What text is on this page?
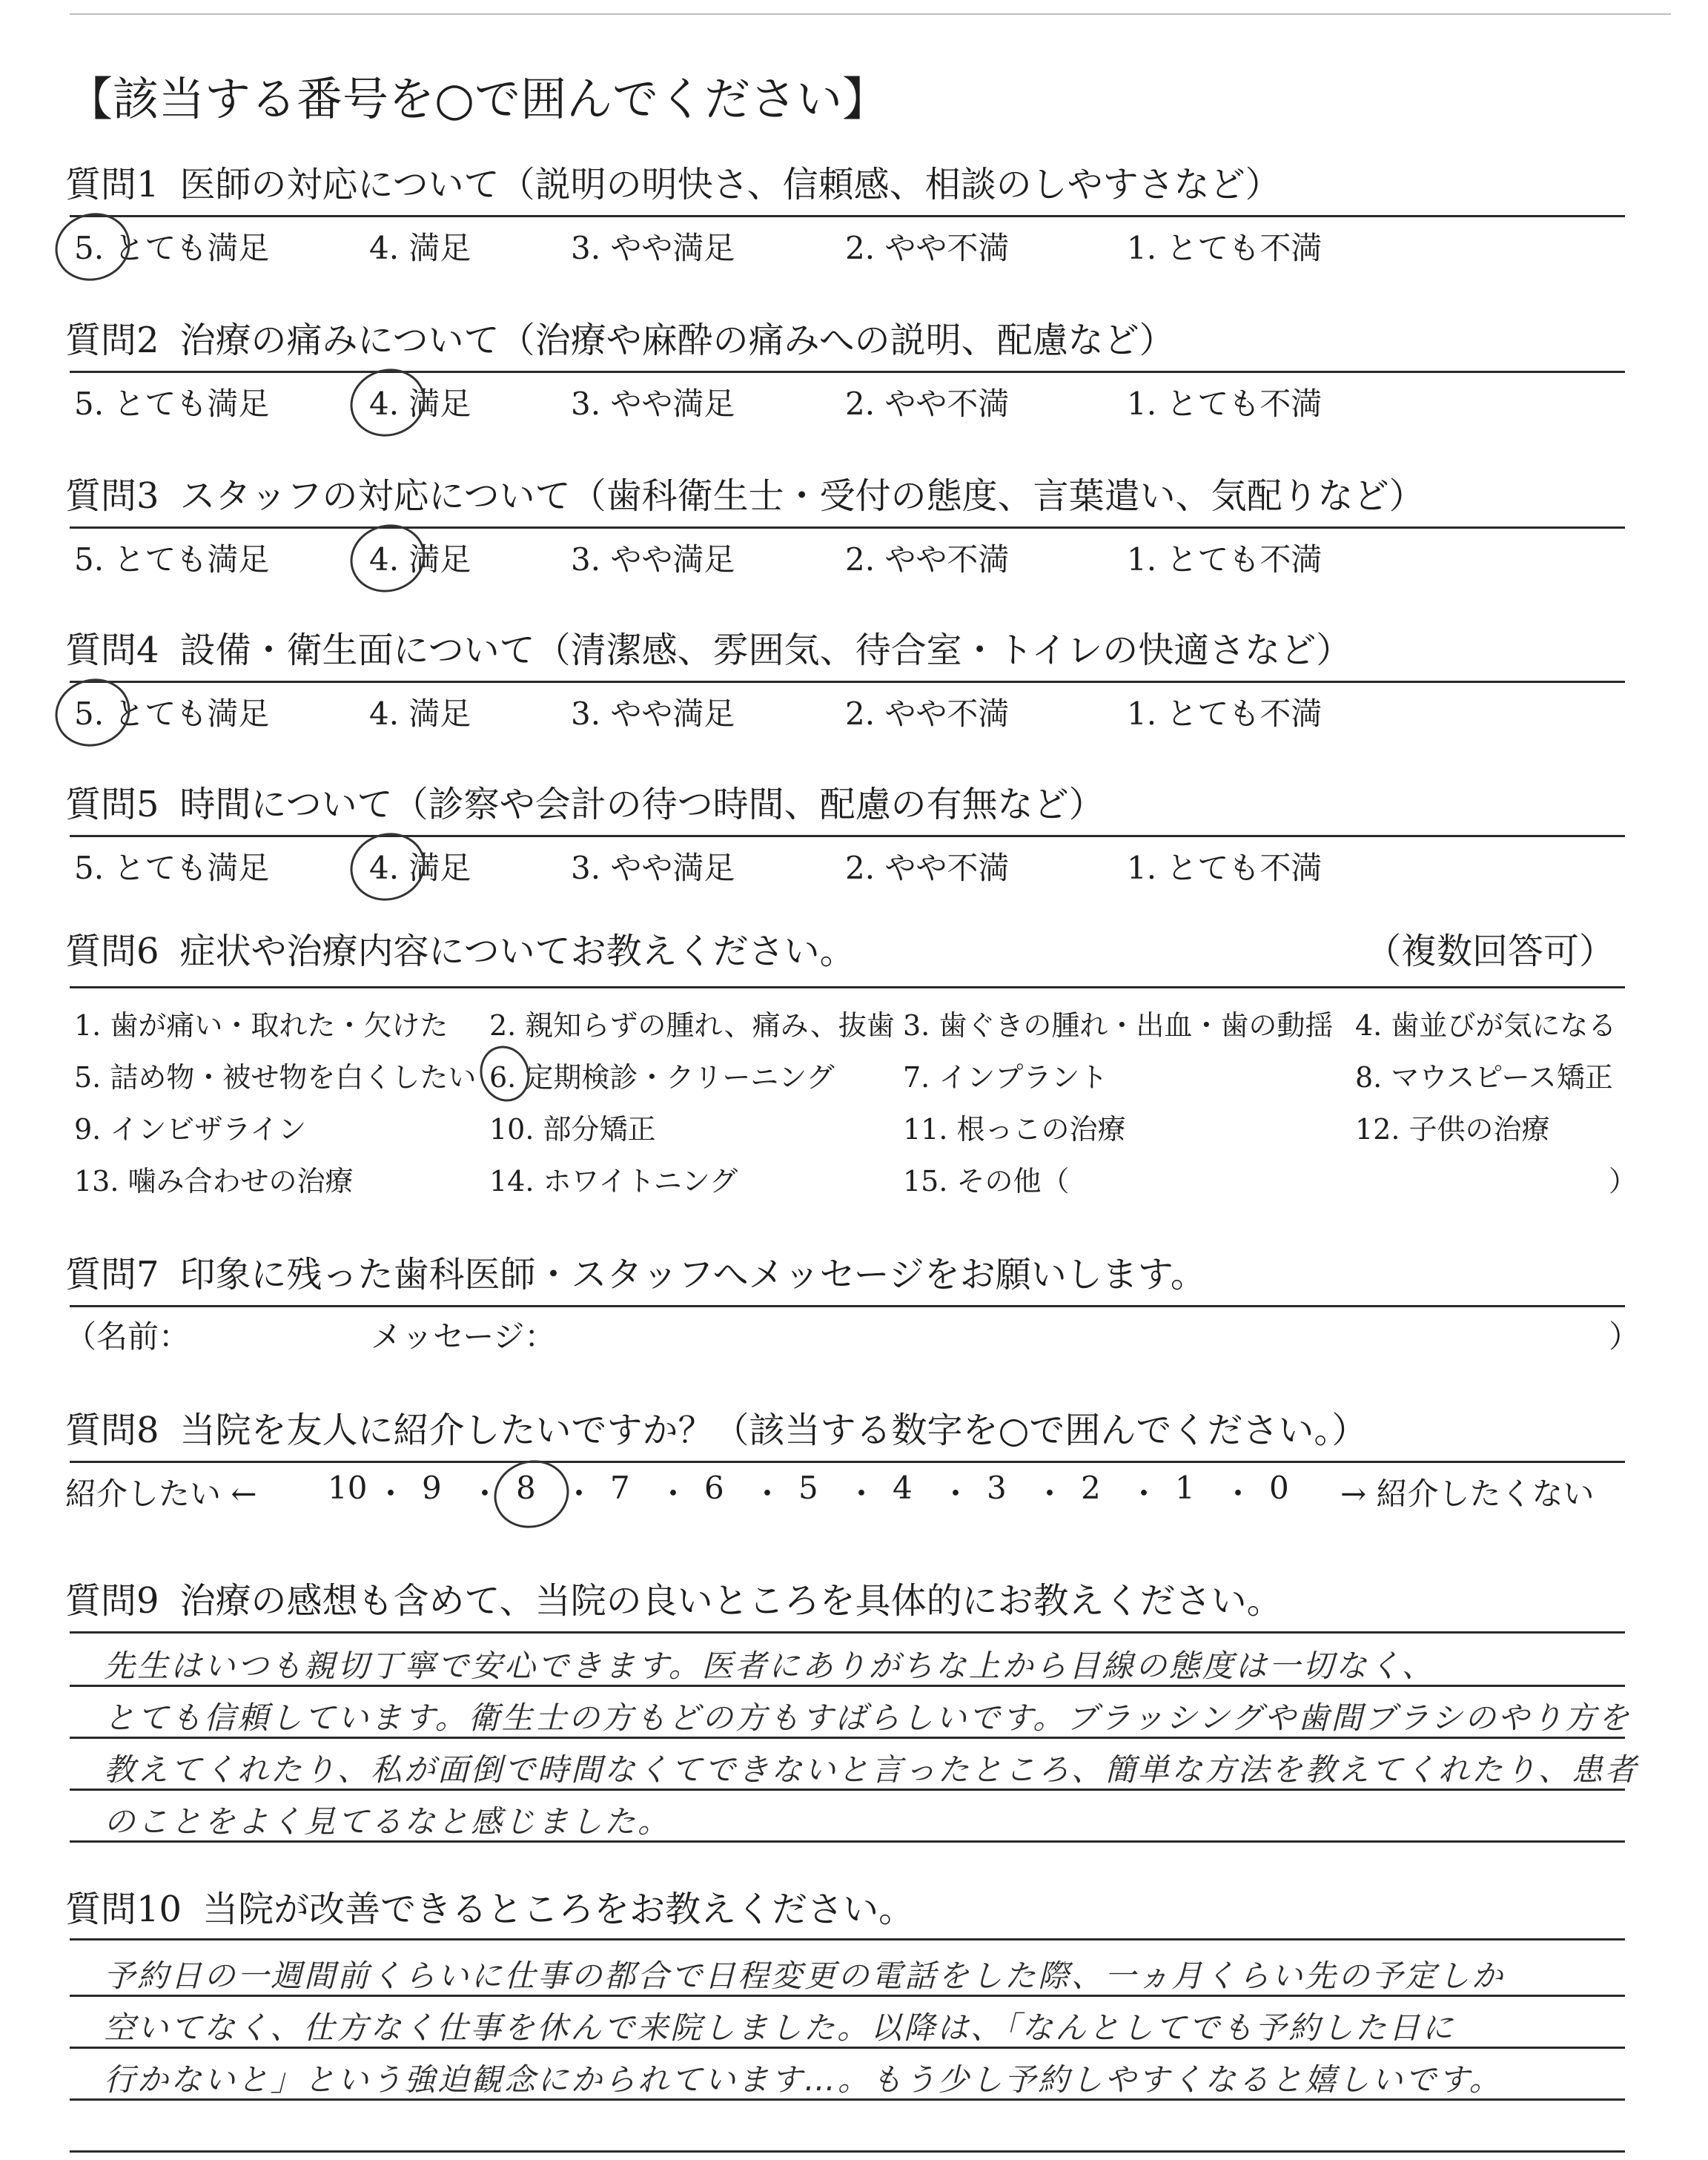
【該当する番号を○で囲んでください】
質問1 医師の対応について（説明の明快さ、信頼感、相談のしやすさなど）
5. とても満足	4. 満足	3. やや満足	2. やや不満	1. とても不満
質問2 治療の痛みについて（治療や麻酔の痛みへの説明、配慮など）
5. とても満足	4. 満足	3. やや満足	2. やや不満	1. とても不満
質問3 スタッフの対応について（歯科衛生士・受付の態度、言葉遣い、気配りなど）
5. とても満足	4. 満足	3. やや満足	2. やや不満	1. とても不満
質問4 設備・衛生面について（清潔感、雰囲気、待合室・トイレの快適さなど）
5. とても満足	4. 満足	3. やや満足	2. やや不満	1. とても不満
質問5 時間について（診察や会計の待つ時間、配慮の有無など）
5. とても満足	4. 満足	3. やや満足	2. やや不満	1. とても不満
質問6 症状や治療内容についてお教えください。	（複数回答可）
1. 歯が痛い・取れた・欠けた 2. 親知らずの腫れ、痛み、抜歯 3. 歯ぐきの腫れ・出血・歯の動揺 4. 歯並びが気になる
5. 詰め物・被せ物を白くしたい 6. 定期検診・クリーニング 7. インプラント	8. マウスピース矯正
9. インビザライン	10. 部分矯正	11. 根っこの治療	12. 子供の治療
13. 噛み合わせの治療	14. ホワイトニング	15. その他（	）
質問7 印象に残った歯科医師・スタッフへメッセージをお願いします。
（名前：	メッセージ：	）
質問8 当院を友人に紹介したいですか？（該当する数字を○で囲んでください。）
紹介したい ←	→ 紹介したくない
10 ・ 9 ・ 8 ・ 7 ・ 6 ・ 5 ・ 4 ・ 3 ・ 2 ・ 1 ・ 0
質問9 治療の感想も含めて、当院の良いところを具体的にお教えください。
先生はいつも親切丁寧で安心できます。医者にありがちな上から目線の態度は一切なく、
とても信頼しています。衛生士の方もどの方もすばらしいです。ブラッシングや歯間ブラシのやり方を
教えてくれたり、私が面倒で時間なくてできないと言ったところ、簡単な方法を教えてくれたり、患者
のことをよく見てるなと感じました。
質問10 当院が改善できるところをお教えください。
予約日の一週間前くらいに仕事の都合で日程変更の電話をした際、一ヵ月くらい先の予定しか
空いてなく、仕方なく仕事を休んで来院しました。以降は、「なんとしてでも予約した日に
行かないと」という強迫観念にかられています…。もう少し予約しやすくなると嬉しいです。
